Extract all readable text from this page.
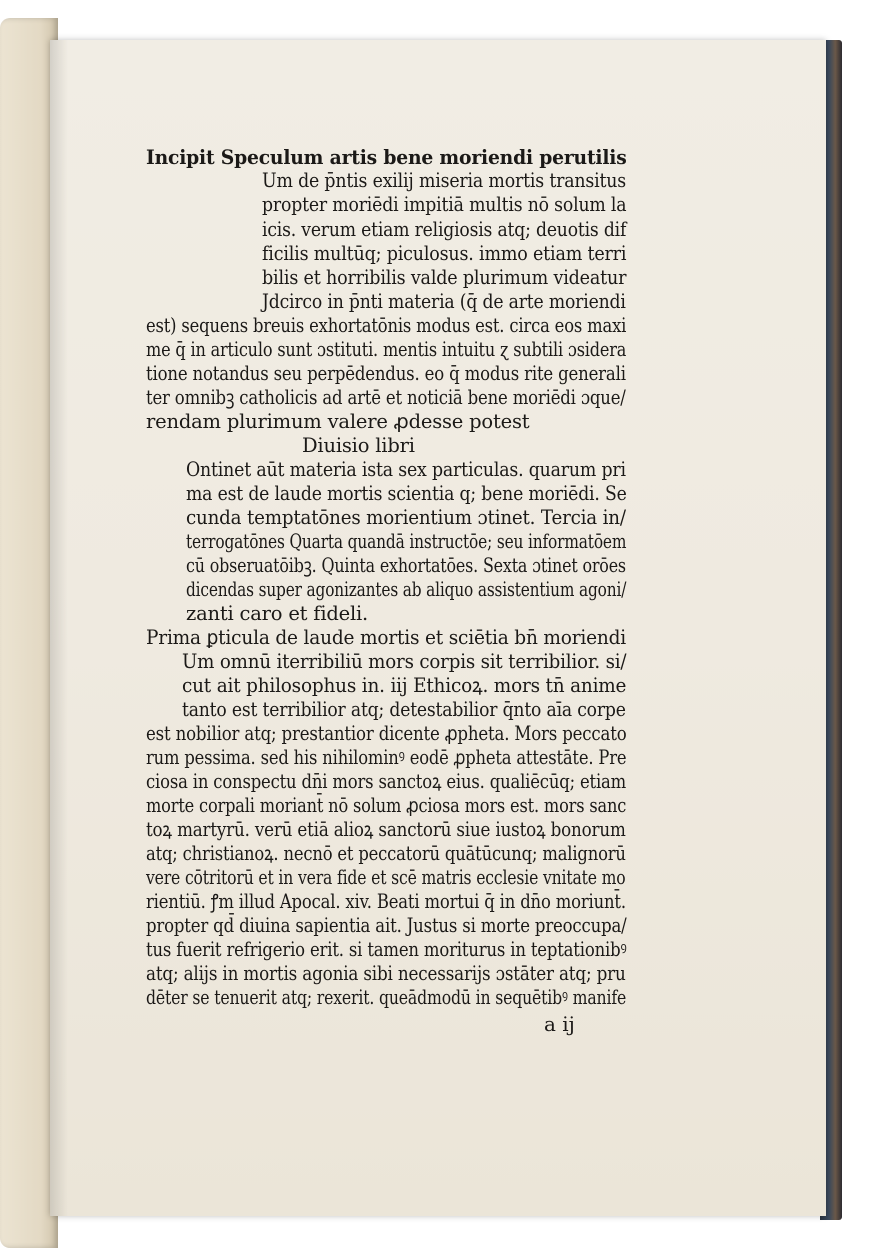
Incipit Speculum artis bene moriendi perutilis

Um de p̄ntis exilij miseria mortis transitus

propter moriēdi impitiā multis nō solum la

icis. verum etiam religiosis atq; deuotis dif

ficilis multūq; piculosus. immo etiam terri

bilis et horribilis valde plurimum videatur

Jdcirco in p̄nti materia (q̄ de arte moriendi

est) sequens breuis exhortatōnis modus est. circa eos maxi

me q̄ in articulo sunt ɔstituti. mentis intuitu ɀ subtili ɔsidera

tione notandus seu perpēdendus. eo q̄ modus rite generali

ter omnibꝫ catholicis ad artē et noticiā bene moriēdi ɔque/

rendam plurimum valere ꝓdesse potest

Diuisio libri

Ontinet aūt materia ista sex particulas. quarum pri

ma est de laude mortis scientia q; bene moriēdi. Se

cunda temptatōnes morientium ɔtinet. Tercia in/

terrogatōnes Quarta quandā instructōe; seu informatōem

cū obseruatōibꝫ. Quinta exhortatōes. Sexta ɔtinet orōes

dicendas super agonizantes ab aliquo assistentium agoni/

zanti caro et fideli.

Prima ꝑticula de laude mortis et sciētia bn̄ moriendi

Um omnū iterribiliū mors corpis sit terribilior. si/

cut ait philosophus in. iij Ethicoꝝ. mors tn̄ anime

tanto est terribilior atq; detestabilior q̄nto aīa corpe

est nobilior atq; prestantior dicente ꝓpheta. Mors peccato

rum pessima. sed his nihilominꝰ eodē ꝓpheta attestāte. Pre

ciosa in conspectu dn̄i mors sanctoꝝ eius. qualiēcūq; etiam

morte corpali moriant̄ nō solum ꝓciosa mors est. mors sanc

toꝝ martyrū. verū etiā alioꝝ sanctorū siue iustoꝝ bonorum

atq; christianoꝝ. necnō et peccatorū quātūcunq; malignorū

vere cōtritorū et in vera fide et scē matris ecclesie vnitate mo

rientiū. ꝭm illud Apocal. xiv. Beati mortui q̄ in dn̄o moriunt̄.

propter qd̄ diuina sapientia ait. Justus si morte preoccupa/

tus fuerit refrigerio erit. si tamen moriturus in teptationibꝰ

atq; alijs in mortis agonia sibi necessarijs ɔstāter atq; pru

dēter se tenuerit atq; rexerit. queādmodū in sequētibꝰ manife

a ij
